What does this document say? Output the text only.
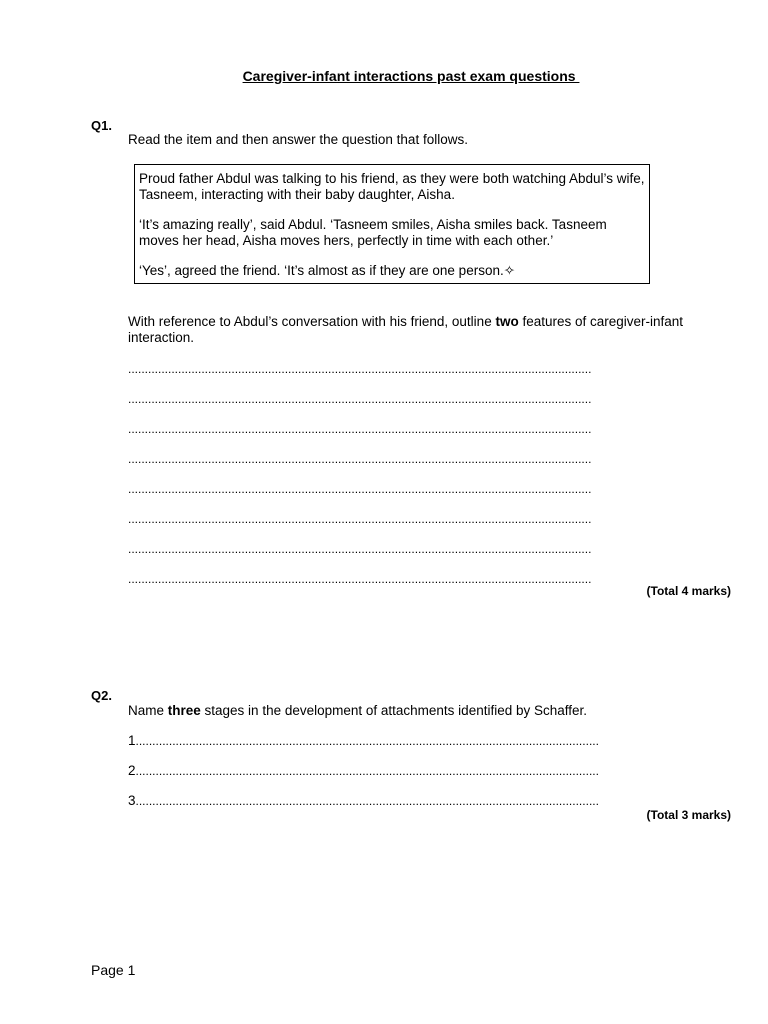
Caregiver-infant interactions past exam questions
Q1.
Read the item and then answer the question that follows.

Proud father Abdul was talking to his friend, as they were both watching Abdul’s wife, Tasneem, interacting with their baby daughter, Aisha.

‘It’s amazing really’, said Abdul. ‘Tasneem smiles, Aisha smiles back. Tasneem moves her head, Aisha moves hers, perfectly in time with each other.’

‘Yes’, agreed the friend. ‘It’s almost as if they are one person.✧

With reference to Abdul’s conversation with his friend, outline two features of caregiver-infant interaction.
...........................................................................................................................................
...........................................................................................................................................
...........................................................................................................................................
...........................................................................................................................................
...........................................................................................................................................
...........................................................................................................................................
...........................................................................................................................................
...........................................................................................................................................
(Total 4 marks)
Q2.
Name three stages in the development of attachments identified by Schaffer.
1...........................................................................................................................................
2...........................................................................................................................................
3...........................................................................................................................................
(Total 3 marks)
Page 1
